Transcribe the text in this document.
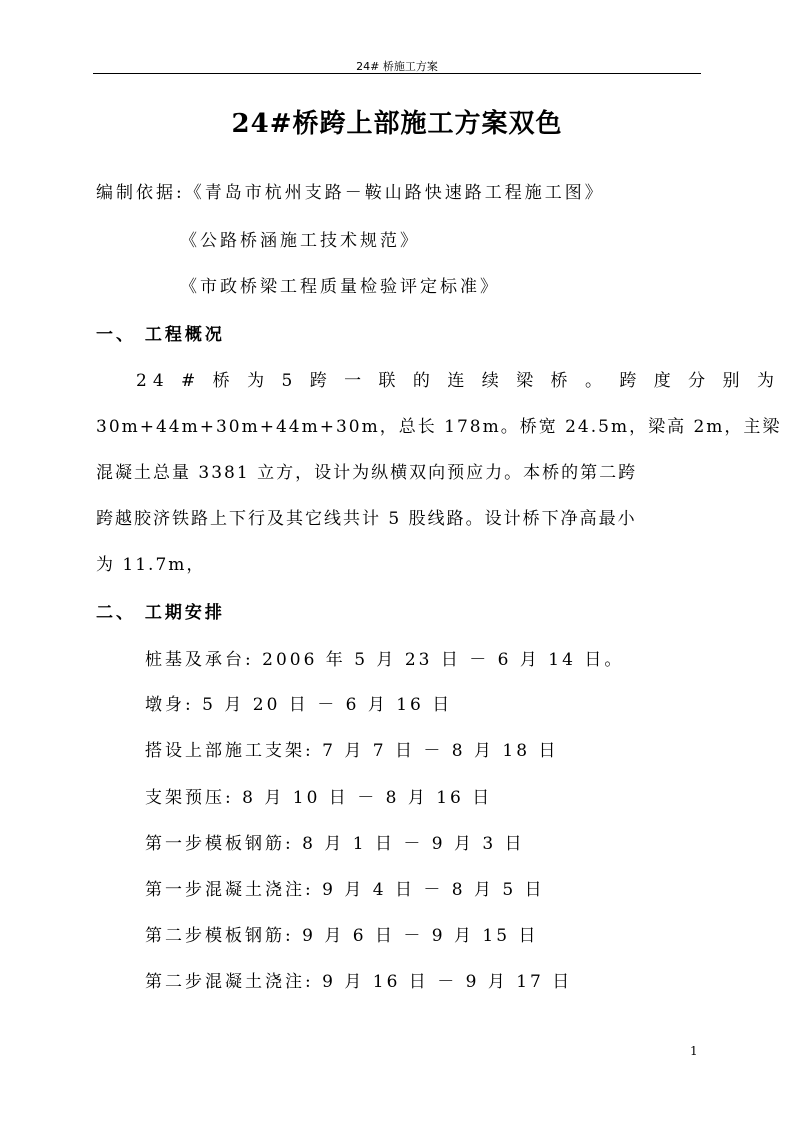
24# 桥施工方案
24#桥跨上部施工方案双色
编制依据:《青岛市杭州支路－鞍山路快速路工程施工图》
《公路桥涵施工技术规范》
《市政桥梁工程质量检验评定标准》
一、 工程概况
24 # 桥 为 5 跨 一 联 的 连 续 梁 桥 。 跨 度 分 别 为
30m+44m+30m+44m+30m，总长 178m。桥宽 24.5m，梁高 2m，主梁
混凝土总量 3381 立方，设计为纵横双向预应力。本桥的第二跨
跨越胶济铁路上下行及其它线共计 5 股线路。设计桥下净高最小
为 11.7m，
二、 工期安排
桩基及承台: 2006 年 5 月 23 日 － 6 月 14 日。
墩身: 5 月 20 日 － 6 月 16 日
搭设上部施工支架: 7 月 7 日 － 8 月 18 日
支架预压: 8 月 10 日 － 8 月 16 日
第一步模板钢筋: 8 月 1 日 － 9 月 3 日
第一步混凝土浇注: 9 月 4 日 － 8 月 5 日
第二步模板钢筋: 9 月 6 日 － 9 月 15 日
第二步混凝土浇注: 9 月 16 日 － 9 月 17 日
1
